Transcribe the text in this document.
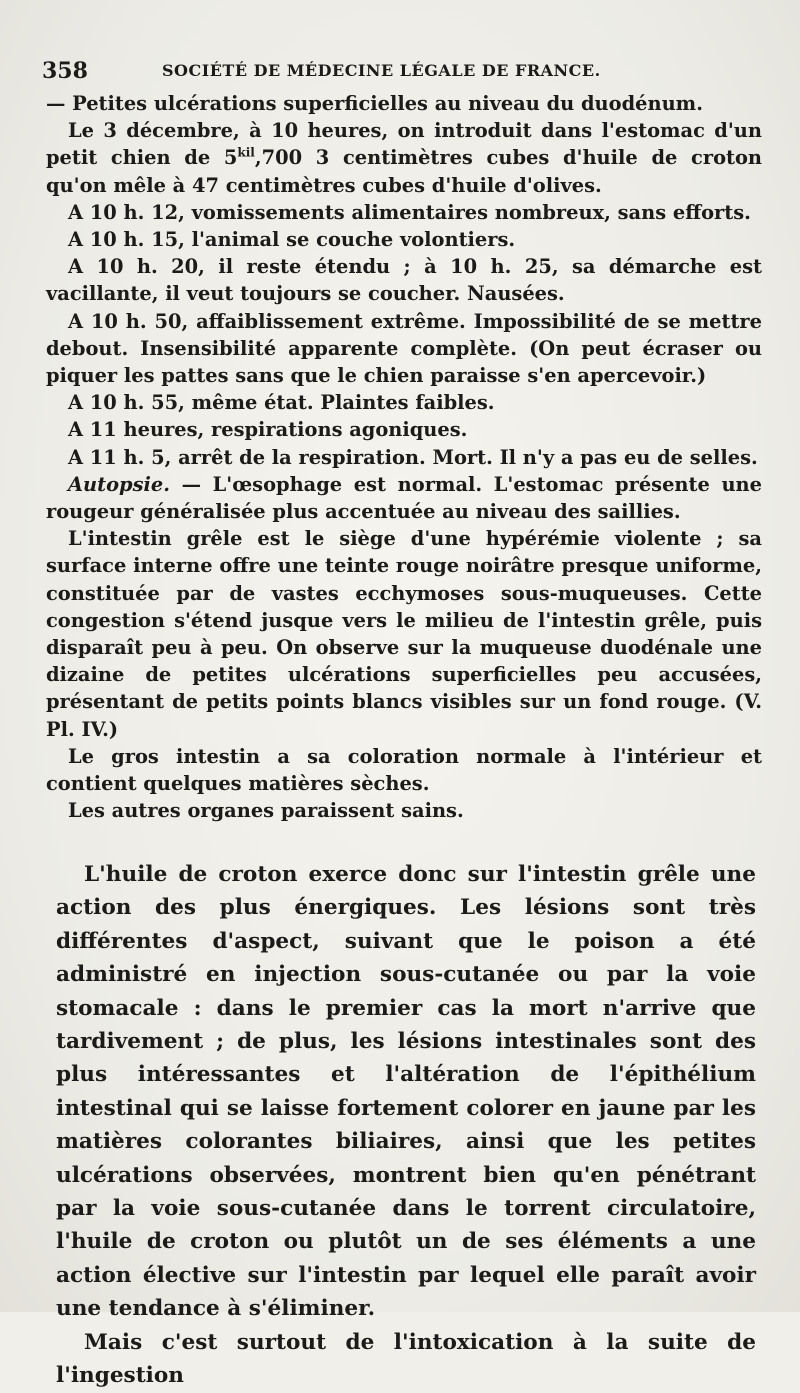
358	SOCIÉTÉ DE MÉDECINE LÉGALE DE FRANCE.

— Petites ulcérations superficielles au niveau du duodénum.

Le 3 décembre, à 10 heures, on introduit dans l'estomac d'un petit chien de $5^{kil},700$ 3 centimètres cubes d'huile de croton qu'on mêle à 47 centimètres cubes d'huile d'olives.

A 10 h. 12, vomissements alimentaires nombreux, sans efforts.

A 10 h. 15, l'animal se couche volontiers.

A 10 h. 20, il reste étendu ; à 10 h. 25, sa démarche est vacillante, il veut toujours se coucher. Nausées.

A 10 h. 50, affaiblissement extrême. Impossibilité de se mettre debout. Insensibilité apparente complète. (On peut écraser ou piquer les pattes sans que le chien paraisse s'en apercevoir.)

A 10 h. 55, même état. Plaintes faibles.

A 11 heures, respirations agoniques.

A 11 h. 5, arrêt de la respiration. Mort. Il n'y a pas eu de selles.

Autopsie. — L'œsophage est normal. L'estomac présente une rougeur généralisée plus accentuée au niveau des saillies.

L'intestin grêle est le siège d'une hypérémie violente ; sa surface interne offre une teinte rouge noirâtre presque uniforme, constituée par de vastes ecchymoses sous-muqueuses. Cette congestion s'étend jusque vers le milieu de l'intestin grêle, puis disparaît peu à peu. On observe sur la muqueuse duodénale une dizaine de petites ulcérations superficielles peu accusées, présentant de petits points blancs visibles sur un fond rouge. (V. Pl. IV.)

Le gros intestin a sa coloration normale à l'intérieur et contient quelques matières sèches.

Les autres organes paraissent sains.

L'huile de croton exerce donc sur l'intestin grêle une action des plus énergiques. Les lésions sont très différentes d'aspect, suivant que le poison a été administré en injection sous-cutanée ou par la voie stomacale : dans le premier cas la mort n'arrive que tardivement ; de plus, les lésions intestinales sont des plus intéressantes et l'altération de l'épithélium intestinal qui se laisse fortement colorer en jaune par les matières colorantes biliaires, ainsi que les petites ulcérations observées, montrent bien qu'en pénétrant par la voie sous-cutanée dans le torrent circulatoire, l'huile de croton ou plutôt un de ses éléments a une action élective sur l'intestin par lequel elle paraît avoir une tendance à s'éliminer.

Mais c'est surtout de l'intoxication à la suite de l'ingestion
